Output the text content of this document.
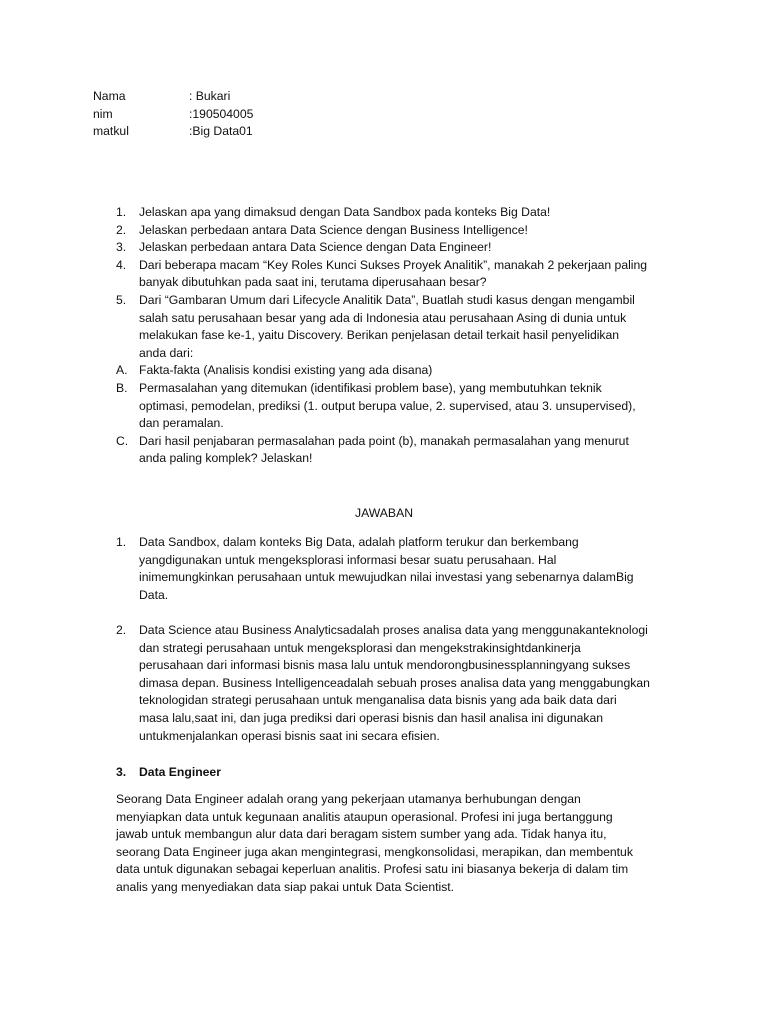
Nama	: Bukari
nim	:190504005
matkul	:Big Data01
1.	Jelaskan apa yang dimaksud dengan Data Sandbox pada konteks Big Data!
2.	Jelaskan perbedaan antara Data Science dengan Business Intelligence!
3.	Jelaskan perbedaan antara Data Science dengan Data Engineer!
4.	Dari beberapa macam “Key Roles Kunci Sukses Proyek Analitik”, manakah 2 pekerjaan paling
banyak dibutuhkan pada saat ini, terutama diperusahaan besar?
5.	Dari “Gambaran Umum dari Lifecycle Analitik Data”, Buatlah studi kasus dengan mengambil
salah satu perusahaan besar yang ada di Indonesia atau perusahaan Asing di dunia untuk
melakukan fase ke-1, yaitu Discovery. Berikan penjelasan detail terkait hasil penyelidikan
anda dari:
A. Fakta-fakta (Analisis kondisi existing yang ada disana)
B. Permasalahan yang ditemukan (identifikasi problem base), yang membutuhkan teknik
optimasi, pemodelan, prediksi (1. output berupa value, 2. supervised, atau 3. unsupervised),
dan peramalan.
C. Dari hasil penjabaran permasalahan pada point (b), manakah permasalahan yang menurut
anda paling komplek? Jelaskan!
JAWABAN
1.	Data Sandbox, dalam konteks Big Data, adalah platform terukur dan berkembang
yangdigunakan untuk mengeksplorasi informasi besar suatu perusahaan. Hal
inimemungkinkan perusahaan untuk mewujudkan nilai investasi yang sebenarnya dalamBig
Data.
2.	Data Science atau Business Analyticsadalah proses analisa data yang menggunakanteknologi
dan strategi perusahaan untuk mengeksplorasi dan mengekstrakinsightdankinerja
perusahaan dari informasi bisnis masa lalu untuk mendorongbusinessplanningyang sukses
dimasa depan. Business Intelligenceadalah sebuah proses analisa data yang menggabungkan
teknologidan strategi perusahaan untuk menganalisa data bisnis yang ada baik data dari
masa lalu,saat ini, dan juga prediksi dari operasi bisnis dan hasil analisa ini digunakan
untukmenjalankan operasi bisnis saat ini secara efisien.
3.	Data Engineer
Seorang Data Engineer adalah orang yang pekerjaan utamanya berhubungan dengan
menyiapkan data untuk kegunaan analitis ataupun operasional. Profesi ini juga bertanggung
jawab untuk membangun alur data dari beragam sistem sumber yang ada. Tidak hanya itu,
seorang Data Engineer juga akan mengintegrasi, mengkonsolidasi, merapikan, dan membentuk
data untuk digunakan sebagai keperluan analitis. Profesi satu ini biasanya bekerja di dalam tim
analis yang menyediakan data siap pakai untuk Data Scientist.
